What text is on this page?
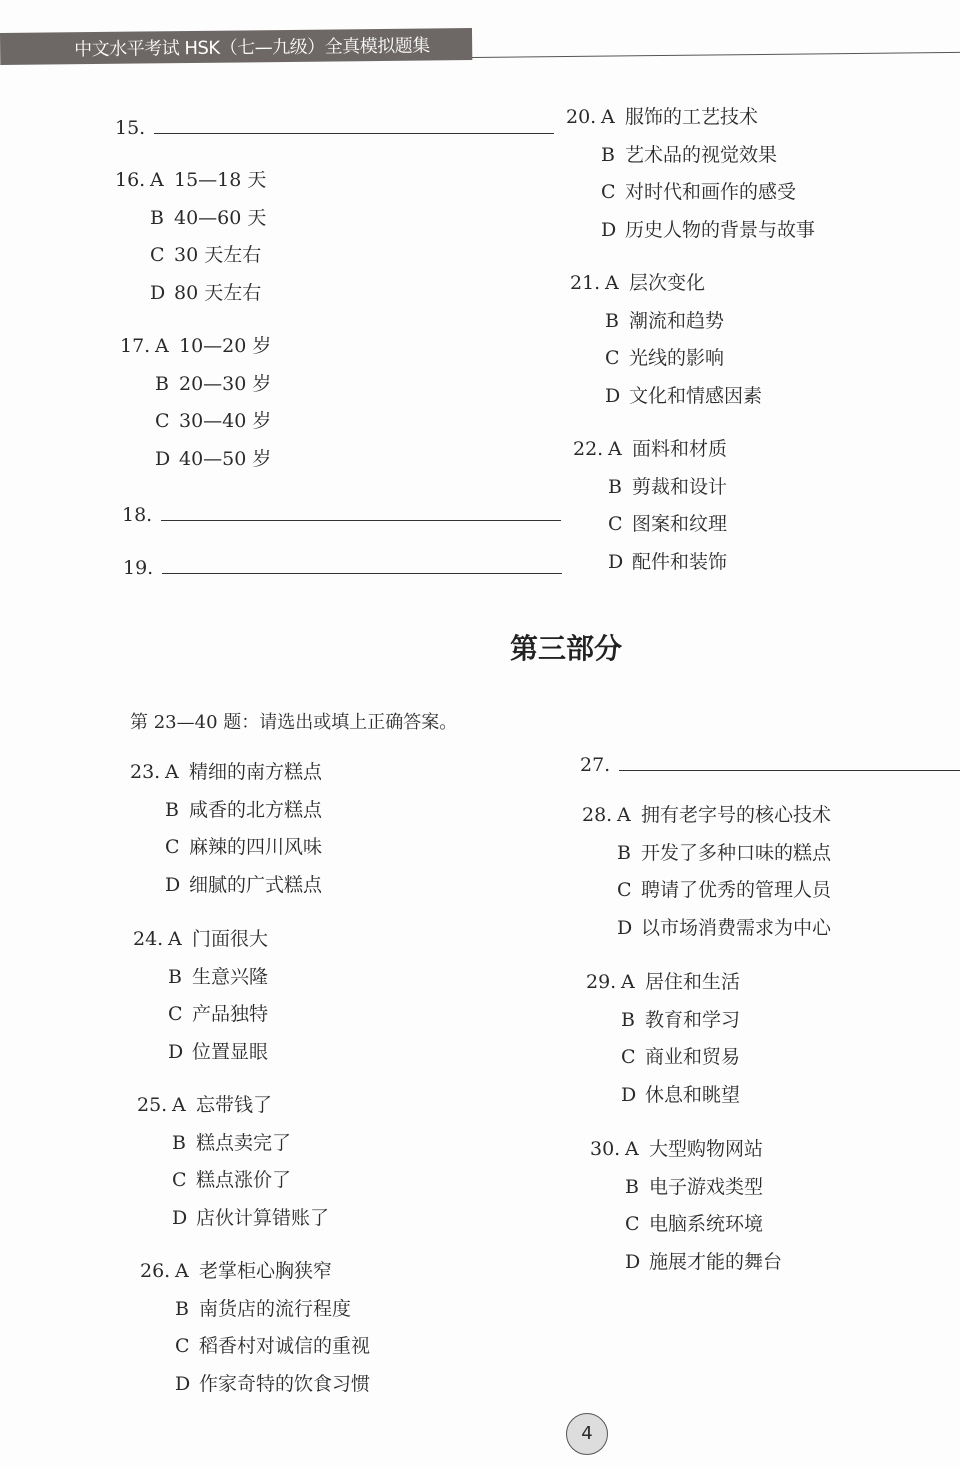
中文水平考试 HSK（七—九级）全真模拟题集
第三部分
第 23—40 题：请选出或填上正确答案。
15.
16. A 15—18 天
B 40—60 天
C 30 天左右
D 80 天左右
17. A 10—20 岁
B 20—30 岁
C 30—40 岁
D 40—50 岁
18.
19.
20. A 服饰的工艺技术
B 艺术品的视觉效果
C 对时代和画作的感受
D 历史人物的背景与故事
21. A 层次变化
B 潮流和趋势
C 光线的影响
D 文化和情感因素
22. A 面料和材质
B 剪裁和设计
C 图案和纹理
D 配件和装饰
23. A 精细的南方糕点
B 咸香的北方糕点
C 麻辣的四川风味
D 细腻的广式糕点
24. A 门面很大
B 生意兴隆
C 产品独特
D 位置显眼
25. A 忘带钱了
B 糕点卖完了
C 糕点涨价了
D 店伙计算错账了
26. A 老掌柜心胸狭窄
B 南货店的流行程度
C 稻香村对诚信的重视
D 作家奇特的饮食习惯
27.
28. A 拥有老字号的核心技术
B 开发了多种口味的糕点
C 聘请了优秀的管理人员
D 以市场消费需求为中心
29. A 居住和生活
B 教育和学习
C 商业和贸易
D 休息和眺望
30. A 大型购物网站
B 电子游戏类型
C 电脑系统环境
D 施展才能的舞台
4
